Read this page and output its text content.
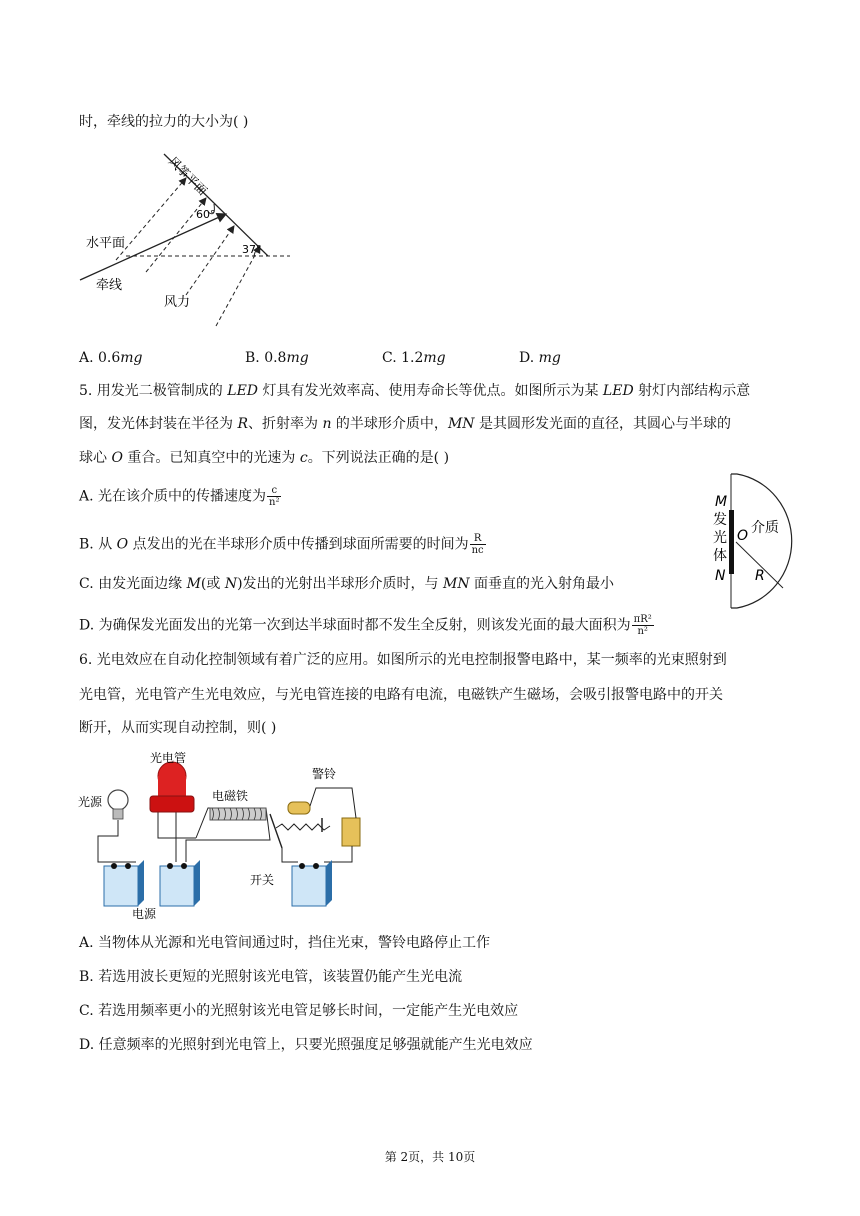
时，牵线的拉力的大小为( )
风筝平面
60°
37°
水平面
牵线
风力
A. 0.6mg	B. 0.8mg	C. 1.2mg	D. mg
5. 用发光二极管制成的 LED 灯具有发光效率高、使用寿命长等优点。如图所示为某 LED 射灯内部结构示意
图，发光体封装在半径为 R、折射率为 n 的半球形介质中，MN 是其圆形发光面的直径，其圆心与半球的
球心 O 重合。已知真空中的光速为 c。下列说法正确的是( )
A. 光在该介质中的传播速度为 $\frac{c}{\text{n²}}$
B. 从 O 点发出的光在半球形介质中传播到球面所需要的时间为 $\frac{R}{nc}$
C. 由发光面边缘 M(或 N)发出的光射出半球形介质时，与 MN 面垂直的光入射角最小
D. 为确保发光面发出的光第一次到达半球面时都不发生全反射，则该发光面的最大面积为 $\frac{\text{πR²}}{\text{n²}}$
M
发
光
体
N
O 介质
R
6. 光电效应在自动化控制领域有着广泛的应用。如图所示的光电控制报警电路中，某一频率的光束照射到
光电管，光电管产生光电效应，与光电管连接的电路有电流，电磁铁产生磁场，会吸引报警电路中的开关
断开，从而实现自动控制，则( )
光电管
光源	电磁铁
警铃
开关
电源
A. 当物体从光源和光电管间通过时，挡住光束，警铃电路停止工作
B. 若选用波长更短的光照射该光电管，该装置仍能产生光电流
C. 若选用频率更小的光照射该光电管足够长时间，一定能产生光电效应
D. 任意频率的光照射到光电管上，只要光照强度足够强就能产生光电效应
第 2页，共 10页
